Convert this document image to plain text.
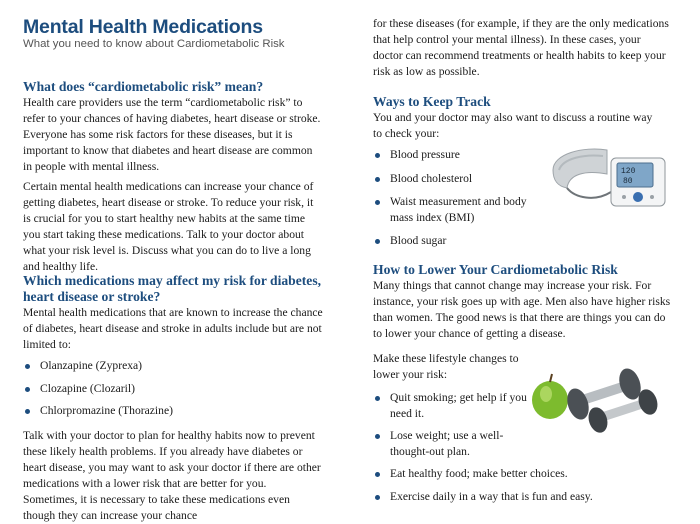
Mental Health Medications
What you need to know about Cardiometabolic Risk
What does “cardiometabolic risk” mean?
Health care providers use the term “cardiometabolic risk” to refer to your chances of having diabetes, heart disease or stroke. Everyone has some risk factors for these diseases, but it is important to know that diabetes and heart disease are common in people with mental illness.
Certain mental health medications can increase your chance of getting diabetes, heart disease or stroke. To reduce your risk, it is crucial for you to start healthy new habits at the same time you start taking these medications. Talk to your doctor about what your risk level is. Discuss what you can do to live a long and healthy life.
Which medications may affect my risk for diabetes, heart disease or stroke?
Mental health medications that are known to increase the chance of diabetes, heart disease and stroke in adults include but are not limited to:
Olanzapine (Zyprexa)
Clozapine (Clozaril)
Chlorpromazine (Thorazine)
Talk with your doctor to plan for healthy habits now to prevent these likely health problems. If you already have diabetes or heart disease, you may want to ask your doctor if there are other medications with a lower risk that are better for you. Sometimes, it is necessary to take these medications even though they can increase your chance
for these diseases (for example, if they are the only medications that help control your mental illness). In these cases, your doctor can recommend treatments or health habits to keep your risk as low as possible.
Ways to Keep Track
You and your doctor may also want to discuss a routine way to check your:
Blood pressure
Blood cholesterol
Waist measurement and body mass index (BMI)
Blood sugar
120
80
How to Lower Your Cardiometabolic Risk
Many things that cannot change may increase your risk. For instance, your risk goes up with age. Men also have higher risks than women. The good news is that there are things you can do to lower your chance of getting a disease.
Make these lifestyle changes to lower your risk:
Quit smoking; get help if you need it.
Lose weight; use a well-thought-out plan.
Eat healthy food; make better choices.
Exercise daily in a way that is fun and easy.
